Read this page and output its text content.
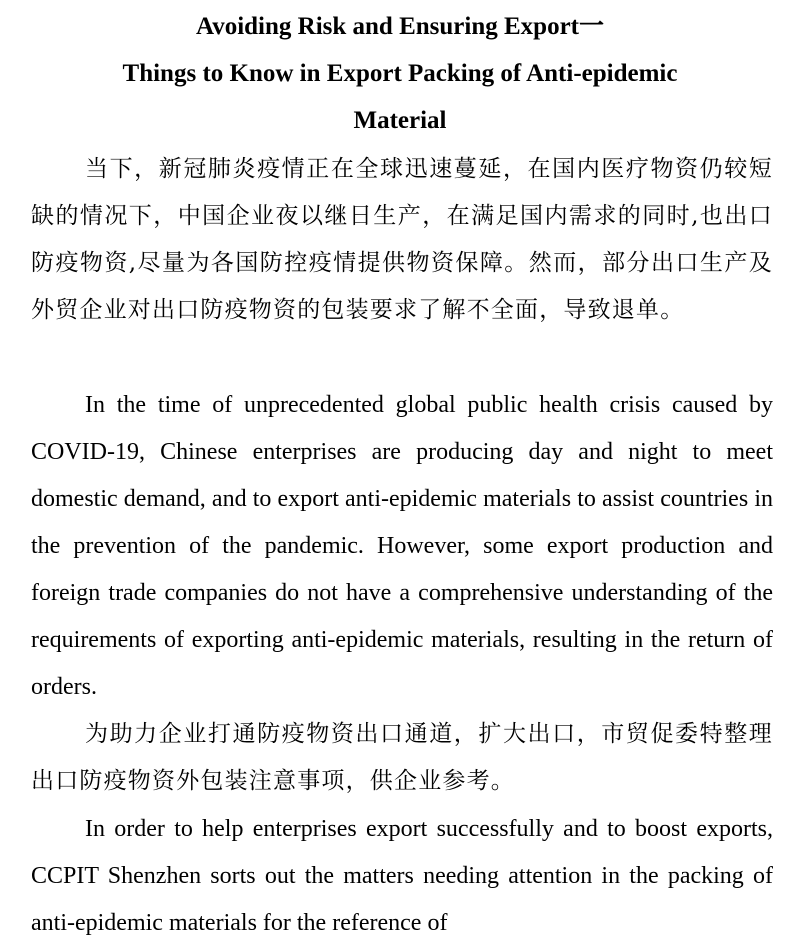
Avoiding Risk and Ensuring Export一
Things to Know in Export Packing of Anti-epidemic
Material

当下，新冠肺炎疫情正在全球迅速蔓延，在国内医疗物资仍较短缺的情况下，中国企业夜以继日生产，在满足国内需求的同时,也出口防疫物资,尽量为各国防控疫情提供物资保障。然而，部分出口生产及外贸企业对出口防疫物资的包装要求了解不全面，导致退单。

In the time of unprecedented global public health crisis caused by COVID-19, Chinese enterprises are producing day and night to meet domestic demand, and to export anti-epidemic materials to assist countries in the prevention of the pandemic. However, some export production and foreign trade companies do not have a comprehensive understanding of the requirements of exporting anti-epidemic materials, resulting in the return of orders.

为助力企业打通防疫物资出口通道，扩大出口，市贸促委特整理出口防疫物资外包装注意事项，供企业参考。

In order to help enterprises export successfully and to boost exports, CCPIT Shenzhen sorts out the matters needing attention in the packing of anti-epidemic materials for the reference of
